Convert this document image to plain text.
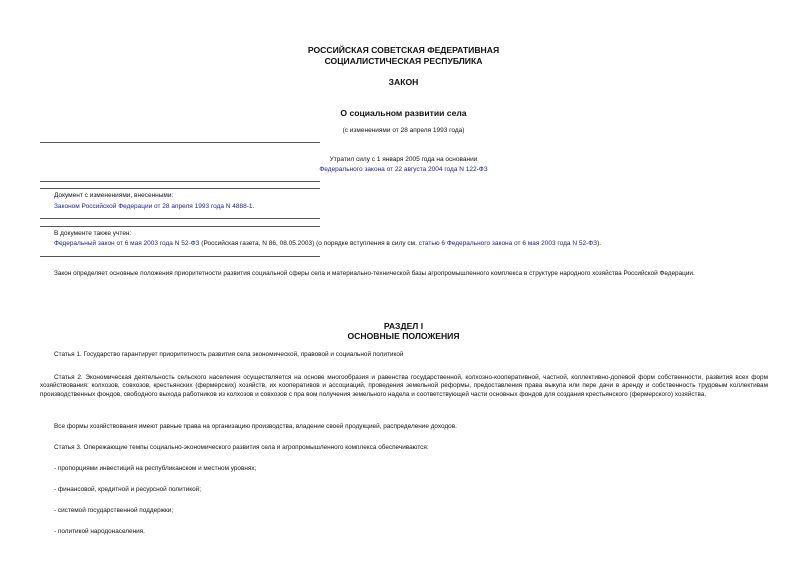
РОССИЙСКАЯ СОВЕТСКАЯ ФЕДЕРАТИВНАЯ
СОЦИАЛИСТИЧЕСКАЯ РЕСПУБЛИКА
ЗАКОН
О социальном развитии села
(с изменениями от 28 апреля 1993 года)
Утратил силу с 1 января 2005 года на основании
Федерального закона от 22 августа 2004 года N 122-ФЗ
Документ с изменениями, внесенными:
Законом Российской Федерации от 28 апреля 1993 года N 4888-1.
В документе также учтен:
Федеральный закон от 6 мая 2003 года N 52-ФЗ (Российская газета, N 86, 08.05.2003) (о порядке вступления в силу см. статью 6 Федерального закона от 6 мая 2003 года N 52-ФЗ).
Закон определяет основные положения приоритетности развития социальной сферы села и материально-технической базы агропромышленного комплекса в структуре народного хозяйства Российской Федерации.
РАЗДЕЛ I
ОСНОВНЫЕ ПОЛОЖЕНИЯ
Статья 1. Государство гарантирует приоритетность развития села экономической, правовой и социальной политикой
Статья 2. Экономическая деятельность сельского населения осуществляется на основе многообразия и равенства государственной, колхозно-кооперативной, частной, коллективно-долевой форм собственности, развития всех форм хозяйствования: колхозов, совхозов, крестьянских (фермерских) хозяйств, их кооперативов и ассоциаций, проведения земельной реформы, предоставления права выкупа или пере дачи в аренду и собственность трудовым коллективам производственных фондов, свободного выхода работников из колхозов и совхозов с пра вом получения земельного надела и соответствующей части основных фондов для создания крестьянского (фермерского) хозяйства.
Все формы хозяйствования имеют равные права на организацию производства, владение своей продукцией, распределение доходов.
Статья 3. Опережающие темпы социально-экономического развития села и агропромышленного комплекса обеспечиваются:
- пропорциями инвестиций на республиканском и местном уровнях;
- финансовой, кредитной и ресурсной политикой;
- системой государственной поддержки;
- политикой народонаселения.
